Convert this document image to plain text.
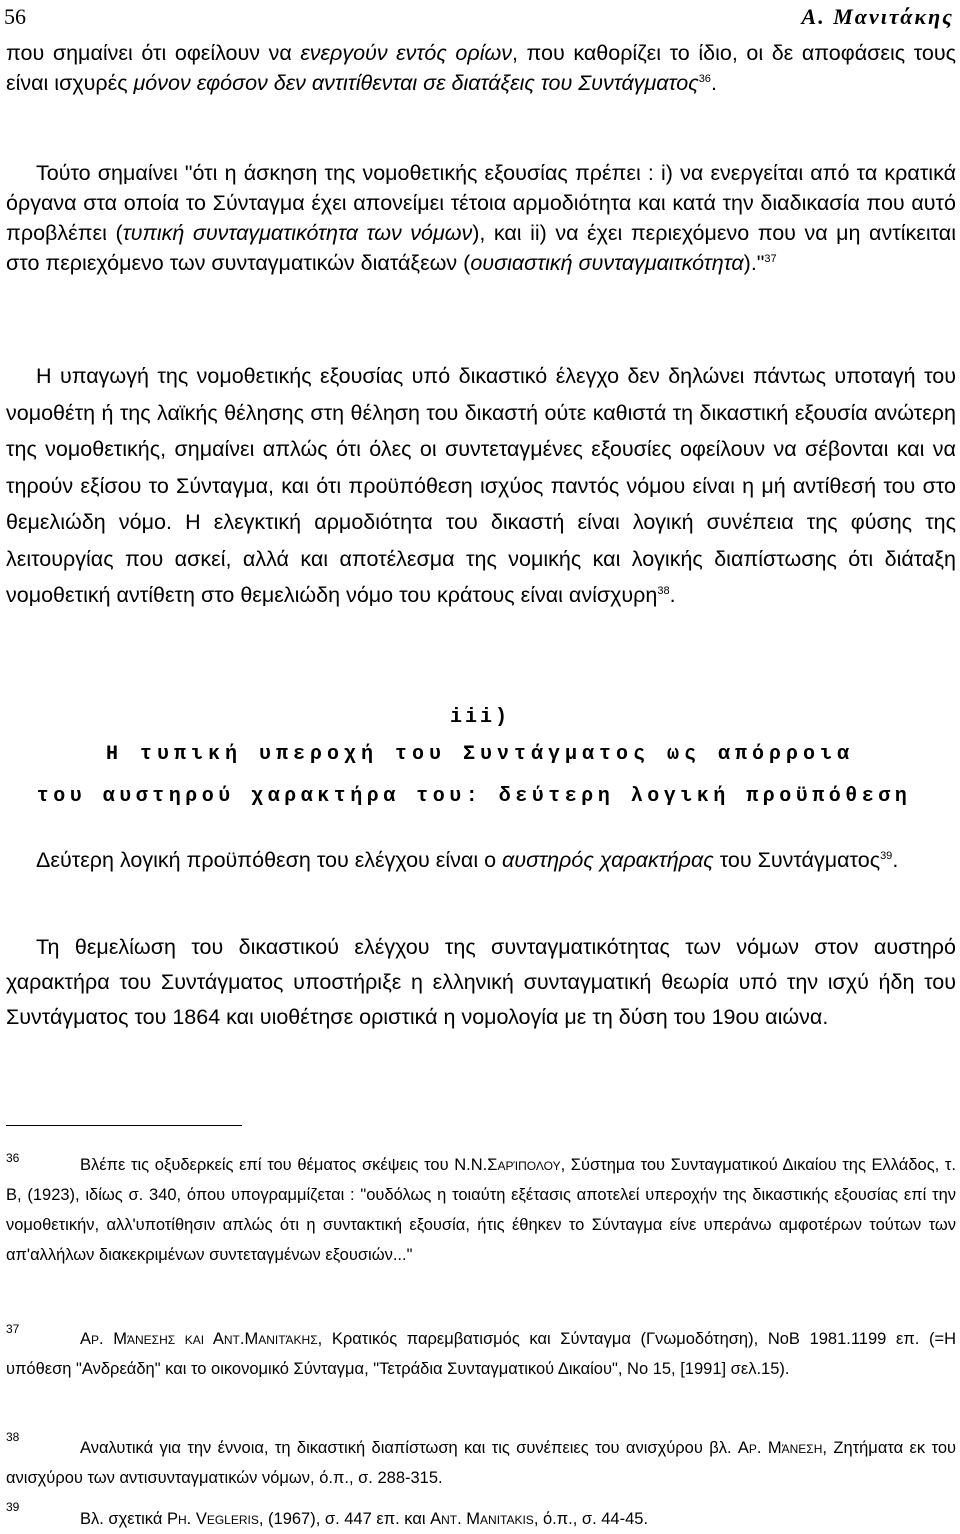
56	Α. Μανιτάκης

που σημαίνει ότι οφείλουν να ενεργούν εντός ορίων, που καθορίζει το ίδιο, οι δε αποφάσεις τους είναι ισχυρές μόνον εφόσον δεν αντιτίθενται σε διατάξεις του Συντάγματος$^{36}$.

Τούτο σημαίνει "ότι η άσκηση της νομοθετικής εξουσίας πρέπει : i) να ενεργείται από τα κρατικά όργανα στα οποία το Σύνταγμα έχει απονείμει τέτοια αρμοδιότητα και κατά την διαδικασία που αυτό προβλέπει (τυπική συνταγματικότητα των νόμων), και ii) να έχει περιεχόμενο που να μη αντίκειται στο περιεχόμενο των συνταγματικών διατάξεων (ουσιαστική συνταγμαιτκότητα)."$^{37}$

Η υπαγωγή της νομοθετικής εξουσίας υπό δικαστικό έλεγχο δεν δηλώνει πάντως υποταγή του νομοθέτη ή της λαϊκής θέλησης στη θέληση του δικαστή ούτε καθιστά τη δικαστική εξουσία ανώτερη της νομοθετικής, σημαίνει απλώς ότι όλες οι συντεταγμένες εξουσίες οφείλουν να σέβονται και να τηρούν εξίσου το Σύνταγμα, και ότι προϋπόθεση ισχύος παντός νόμου είναι η μή αντίθεσή του στο θεμελιώδη νόμο. Η ελεγκτική αρμοδιότητα του δικαστή είναι λογική συνέπεια της φύσης της λειτουργίας που ασκεί, αλλά και αποτέλεσμα της νομικής και λογικής διαπίστωσης ότι διάταξη νομοθετική αντίθετη στο θεμελιώδη νόμο του κράτους είναι ανίσχυρη$^{38}$.

iii)
Η τυπική υπεροχή του Συντάγματος ως απόρροια
του αυστηρού χαρακτήρα του: δεύτερη λογική προϋπόθεση

Δεύτερη λογική προϋπόθεση του ελέγχου είναι ο αυστηρός χαρακτήρας του Συντάγματος$^{39}$.

Τη θεμελίωση του δικαστικού ελέγχου της συνταγματικότητας των νόμων στον αυστηρό χαρακτήρα του Συντάγματος υποστήριξε η ελληνική συνταγματική θεωρία υπό την ισχύ ήδη του Συντάγματος του 1864 και υιοθέτησε οριστικά η νομολογία με τη δύση του 19ου αιώνα.

36	Βλέπε τις οξυδερκείς επί του θέματος σκέψεις του Ν.Ν.Σαρίπολου, Σύστημα του Συνταγματικού Δικαίου της Ελλάδος, τ. Β, (1923), ιδίως σ. 340, όπου υπογραμμίζεται : "ουδόλως η τοιαύτη εξέτασις αποτελεί υπεροχήν της δικαστικής εξουσίας επί την νομοθετικήν, αλλ'υποτίθησιν απλώς ότι η συντακτική εξουσία, ήτις έθηκεν το Σύνταγμα είνε υπεράνω αμφοτέρων τούτων των απ'αλλήλων διακεκριμένων συντεταγμένων εξουσιών..."

37

Αρ. Μάνεσης και Αντ.Μανιτάκης, Κρατικός παρεμβατισμός και Σύνταγμα (Γνωμοδότηση), ΝοΒ 1981.1199 επ. (=Η υπόθεση "Ανδρεάδη" και το οικονομικό Σύνταγμα, "Τετράδια Συνταγματικού Δικαίου", Νο 15, [1991] σελ.15).

38

Αναλυτικά για την έννοια, τη δικαστική διαπίστωση και τις συνέπειες του ανισχύρου βλ. Αρ. Μάνεση, Ζητήματα εκ του ανισχύρου των αντισυνταγματικών νόμων, ό.π., σ. 288-315.

39

Βλ. σχετικά Ph. Vegleris, (1967), σ. 447 επ. και Αντ. Manitakis, ό.π., σ. 44-45.
